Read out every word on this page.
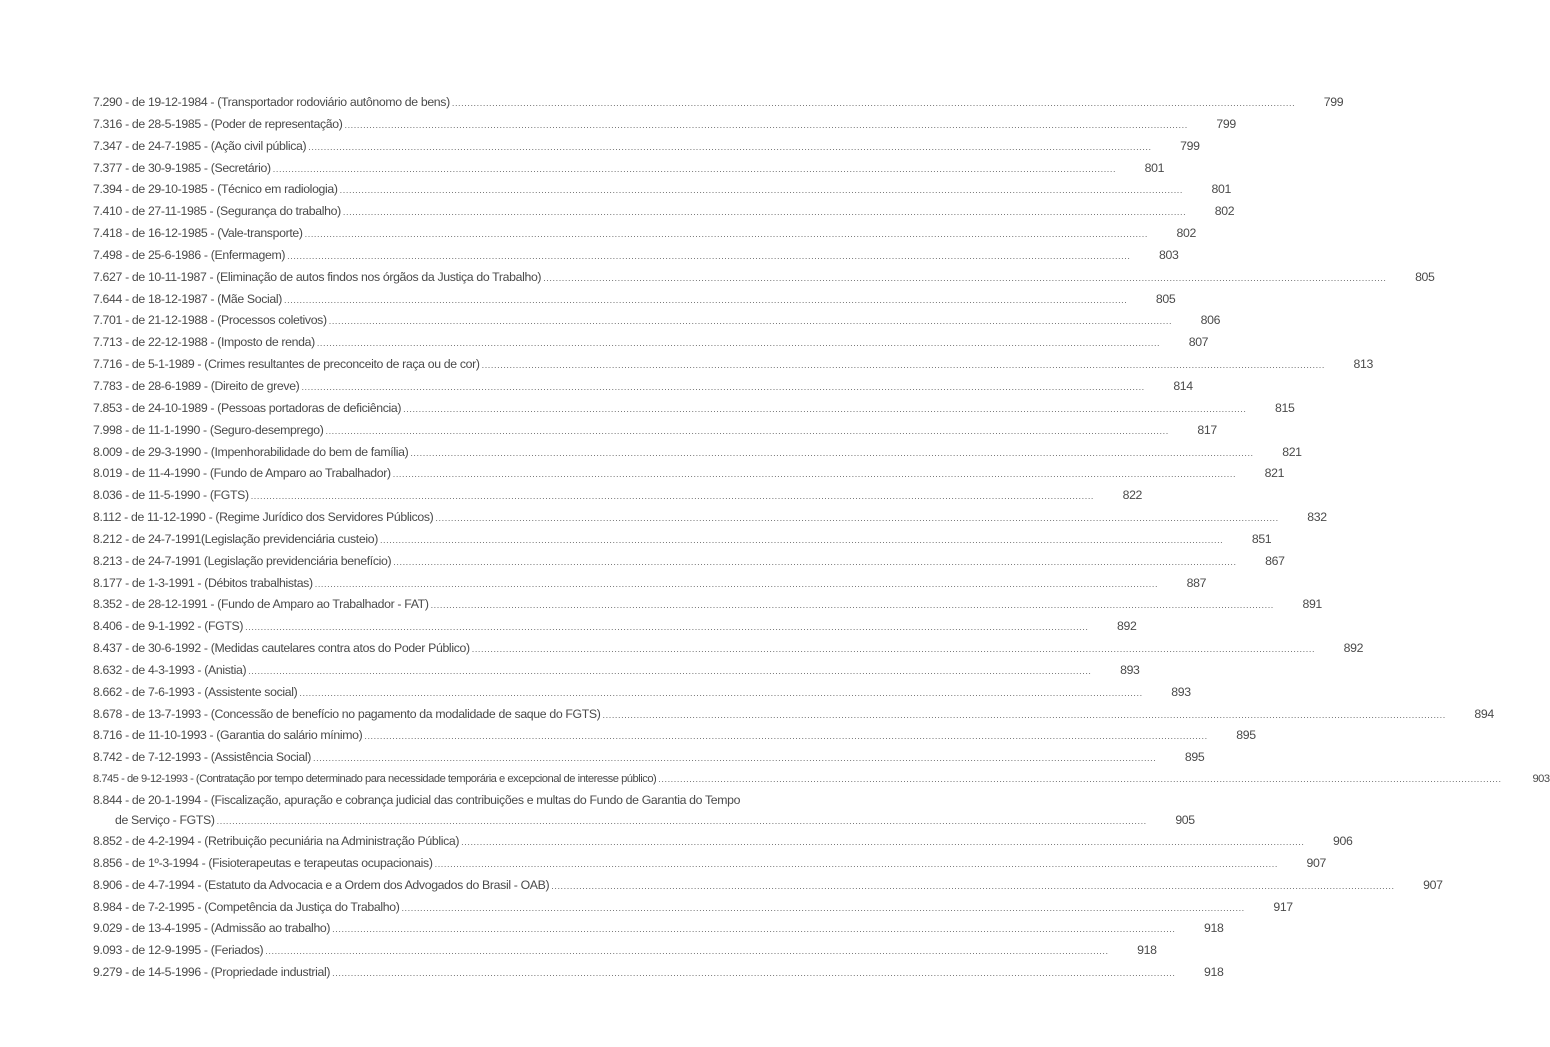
7.290 - de 19-12-1984 - (Transportador rodoviário autônomo de bens) .....	799
7.316 - de 28-5-1985 - (Poder de representação) .....	799
7.347 - de 24-7-1985 - (Ação civil pública) .....	799
7.377 - de 30-9-1985 - (Secretário) .....	801
7.394 - de 29-10-1985 - (Técnico em radiologia) .....	801
7.410 - de 27-11-1985 - (Segurança do trabalho) .....	802
7.418 - de 16-12-1985 - (Vale-transporte) .....	802
7.498 - de 25-6-1986 - (Enfermagem) .....	803
7.627 - de 10-11-1987 - (Eliminação de autos findos nos órgãos da Justiça do Trabalho) .....	805
7.644 - de 18-12-1987 - (Mãe Social) .....	805
7.701 - de 21-12-1988 - (Processos coletivos) .....	806
7.713 - de 22-12-1988 - (Imposto de renda) .....	807
7.716 - de 5-1-1989 - (Crimes resultantes de preconceito de raça ou de cor) .....	813
7.783 - de 28-6-1989 - (Direito de greve) .....	814
7.853 - de 24-10-1989 - (Pessoas portadoras de deficiência) .....	815
7.998 - de 11-1-1990 - (Seguro-desemprego) .....	817
8.009 - de 29-3-1990 - (Impenhorabilidade do bem de família) .....	821
8.019 - de 11-4-1990 - (Fundo de Amparo ao Trabalhador) .....	821
8.036 - de 11-5-1990 - (FGTS) .....	822
8.112 - de 11-12-1990 - (Regime Jurídico dos Servidores Públicos) .....	832
8.212 - de 24-7-1991(Legislação previdenciária custeio) .....	851
8.213 - de 24-7-1991 (Legislação previdenciária benefício) .....	867
8.177 - de 1-3-1991 - (Débitos trabalhistas) .....	887
8.352 - de 28-12-1991 - (Fundo de Amparo ao Trabalhador - FAT) .....	891
8.406 - de 9-1-1992 - (FGTS) .....	892
8.437 - de 30-6-1992 - (Medidas cautelares contra atos do Poder Público) .....	892
8.632 - de 4-3-1993 - (Anistia) .....	893
8.662 - de 7-6-1993 - (Assistente social) .....	893
8.678 - de 13-7-1993 - (Concessão de benefício no pagamento da modalidade de saque do FGTS) .....	894
8.716 - de 11-10-1993 - (Garantia do salário mínimo) .....	895
8.742 - de 7-12-1993 - (Assistência Social) .....	895
8.745 - de 9-12-1993 - (Contratação por tempo determinado para necessidade temporária e excepcional de interesse público) .....	903
8.844 - de 20-1-1994 - (Fiscalização, apuração e cobrança judicial das contribuições e multas do Fundo de Garantia do Tempo
de Serviço - FGTS) ............................................................................................................................................................................................................................................................................................................	905
8.852 - de 4-2-1994 - (Retribuição pecuniária na Administração Pública) .....	906
8.856 - de 1º-3-1994 - (Fisioterapeutas e terapeutas ocupacionais) .....	907
8.906 - de 4-7-1994 - (Estatuto da Advocacia e a Ordem dos Advogados do Brasil - OAB) .....	907
8.984 - de 7-2-1995 - (Competência da Justiça do Trabalho) .....	917
9.029 - de 13-4-1995 - (Admissão ao trabalho) .....	918
9.093 - de 12-9-1995 - (Feriados) .....	918
9.279 - de 14-5-1996 - (Propriedade industrial) .....	918
